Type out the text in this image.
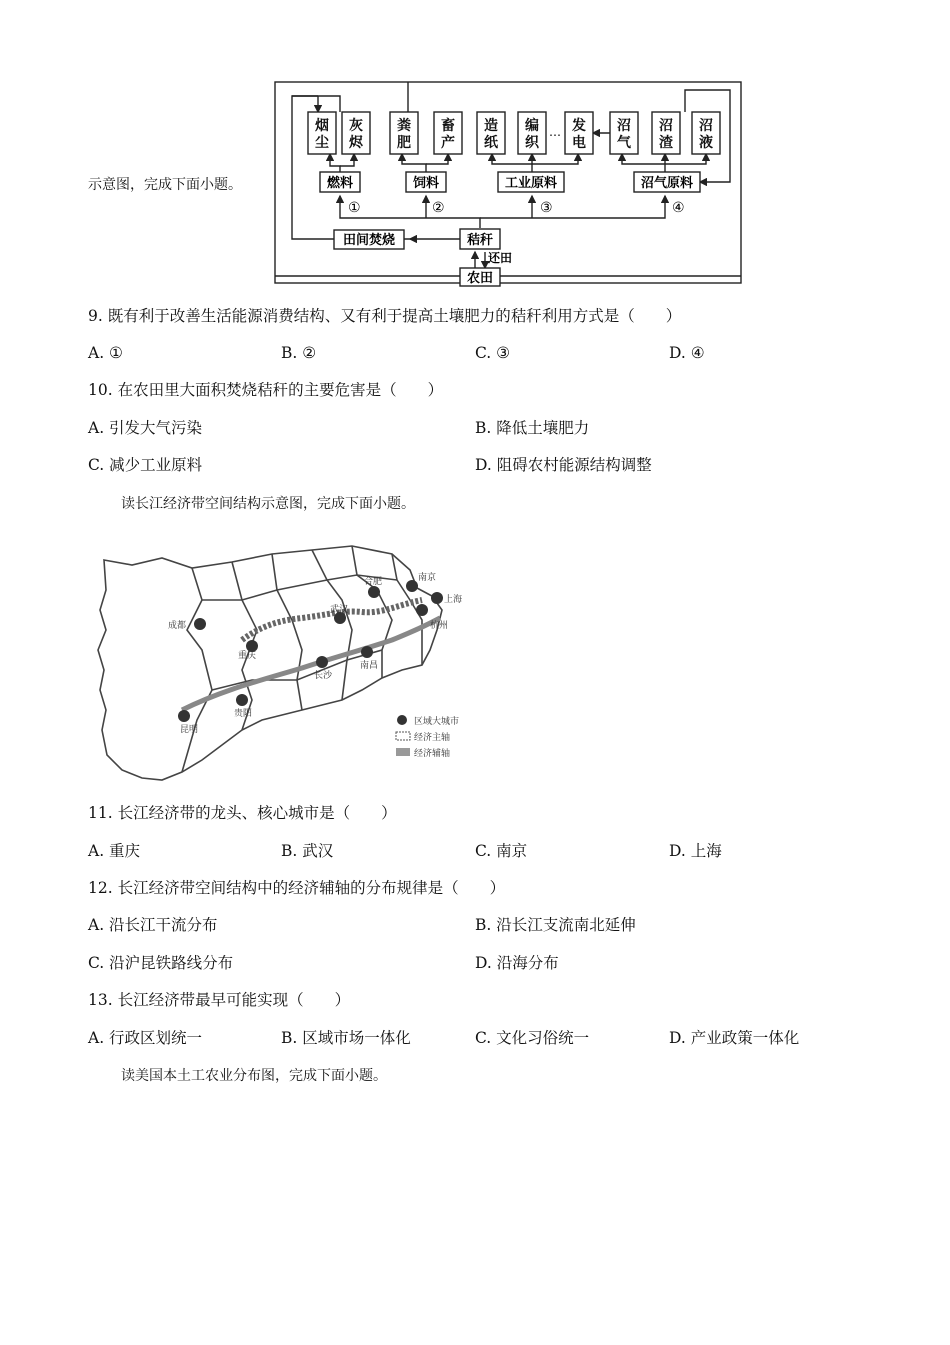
示意图，完成下面小题。
烟尘
灰烬
粪肥
畜产
造纸
编织
发电
沼气
沼渣
沼液
…
燃料	饲料	工业原料	沼气原料
①	②	③	④
田间焚烧	秸秆
还田
农田
9. 既有利于改善生活能源消费结构、又有利于提高土壤肥力的秸秆利用方式是（　　）
A. ①	B. ②	C. ③	D. ④
10. 在农田里大面积焚烧秸秆的主要危害是（　　）
A. 引发大气污染	B. 降低土壤肥力
C. 减少工业原料	D. 阻碍农村能源结构调整
读长江经济带空间结构示意图，完成下面小题。
成都
重庆
昆明
贵阳
长沙
南昌
武汉
合肥	南京
杭州
上海
区域大城市
经济主轴
经济辅轴
11. 长江经济带的龙头、核心城市是（　　）
A. 重庆	B. 武汉	C. 南京	D. 上海
12. 长江经济带空间结构中的经济辅轴的分布规律是（　　）
A. 沿长江干流分布	B. 沿长江支流南北延伸
C. 沿沪昆铁路线分布	D. 沿海分布
13. 长江经济带最早可能实现（　　）
A. 行政区划统一	B. 区域市场一体化	C. 文化习俗统一	D. 产业政策一体化
读美国本土工农业分布图，完成下面小题。
